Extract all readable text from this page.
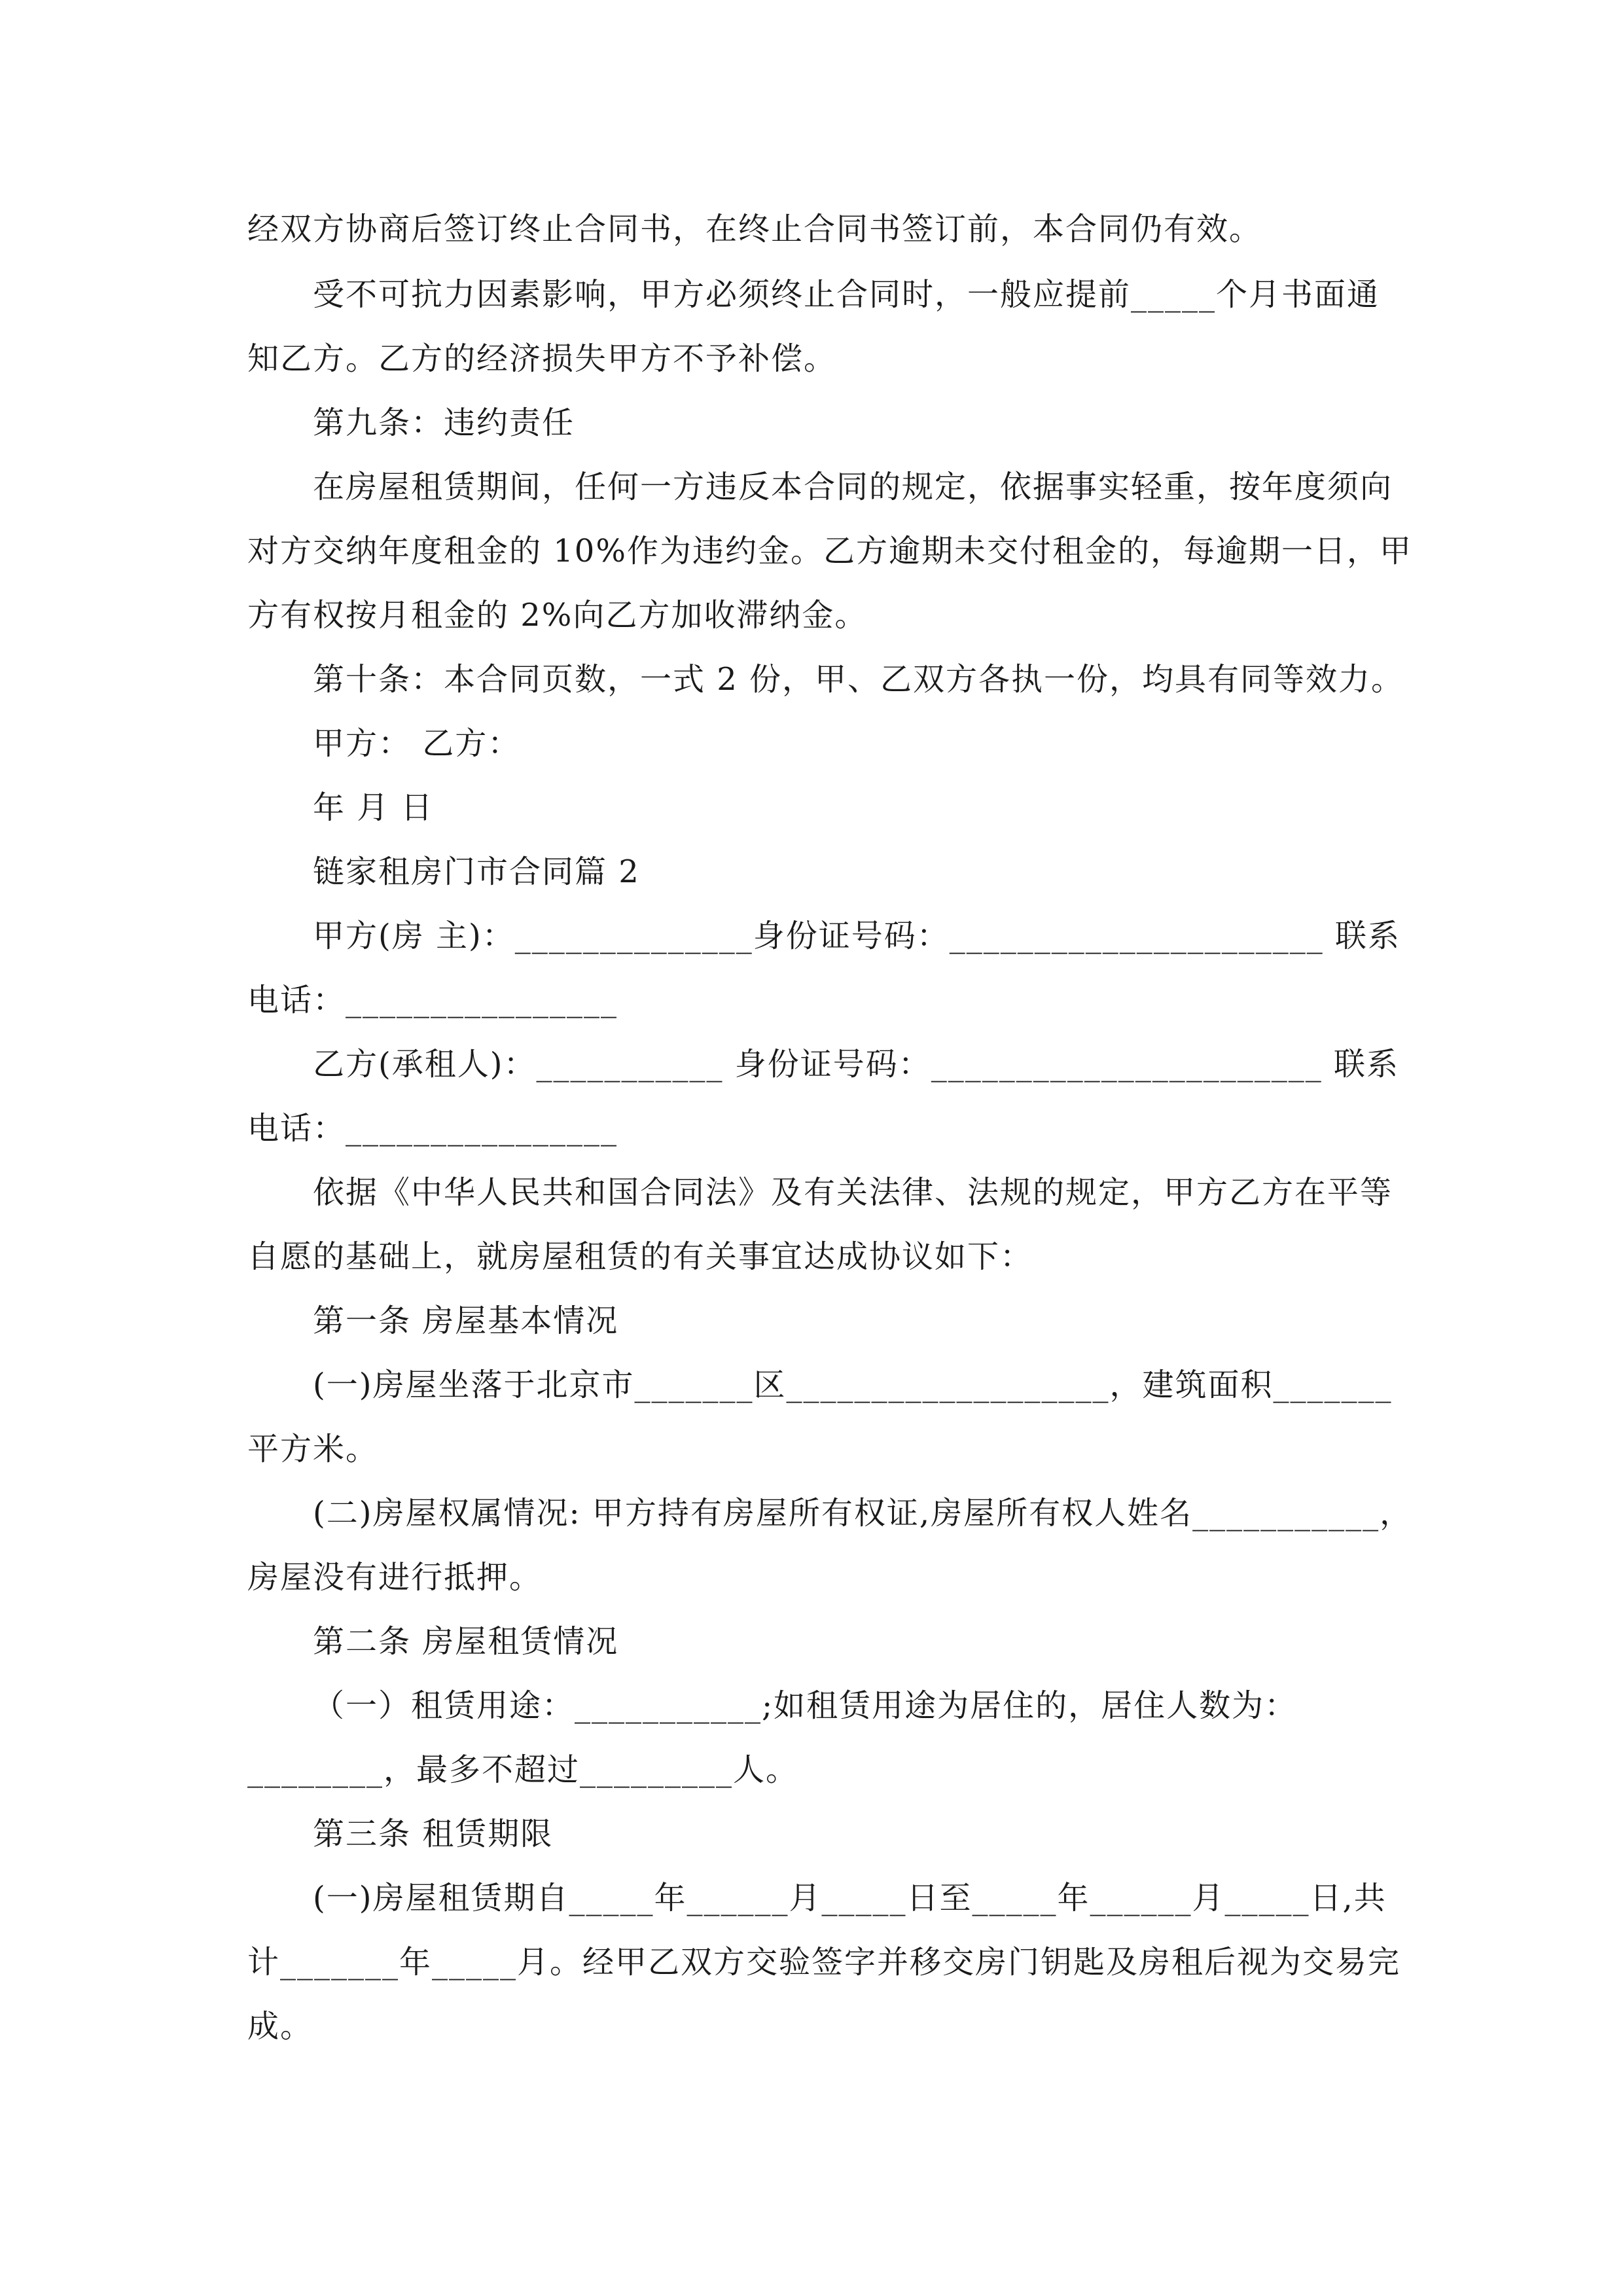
经双方协商后签订终止合同书，在终止合同书签订前，本合同仍有效。
受不可抗力因素影响，甲方必须终止合同时，一般应提前_____个月书面通
知乙方。乙方的经济损失甲方不予补偿。
第九条：违约责任
在房屋租赁期间，任何一方违反本合同的规定，依据事实轻重，按年度须向
对方交纳年度租金的 10%作为违约金。乙方逾期未交付租金的，每逾期一日，甲
方有权按月租金的 2%向乙方加收滞纳金。
第十条：本合同页数，一式 2 份，甲、乙双方各执一份，均具有同等效力。
甲方： 乙方：
年 月 日
链家租房门市合同篇 2
甲方(房 主)：______________身份证号码：______________________ 联系
电话：________________
乙方(承租人)：___________ 身份证号码：_______________________ 联系
电话：________________
依据《中华人民共和国合同法》及有关法律、法规的规定，甲方乙方在平等
自愿的基础上，就房屋租赁的有关事宜达成协议如下：
第一条 房屋基本情况
(一)房屋坐落于北京市_______区___________________，建筑面积_______
平方米。
(二)房屋权属情况: 甲方持有房屋所有权证,房屋所有权人姓名___________，
房屋没有进行抵押。
第二条 房屋租赁情况
（一）租赁用途：___________;如租赁用途为居住的，居住人数为：
________，最多不超过_________人。
第三条 租赁期限
(一)房屋租赁期自_____年______月_____日至_____年______月_____日,共
计_______年_____月。经甲乙双方交验签字并移交房门钥匙及房租后视为交易完
成。
